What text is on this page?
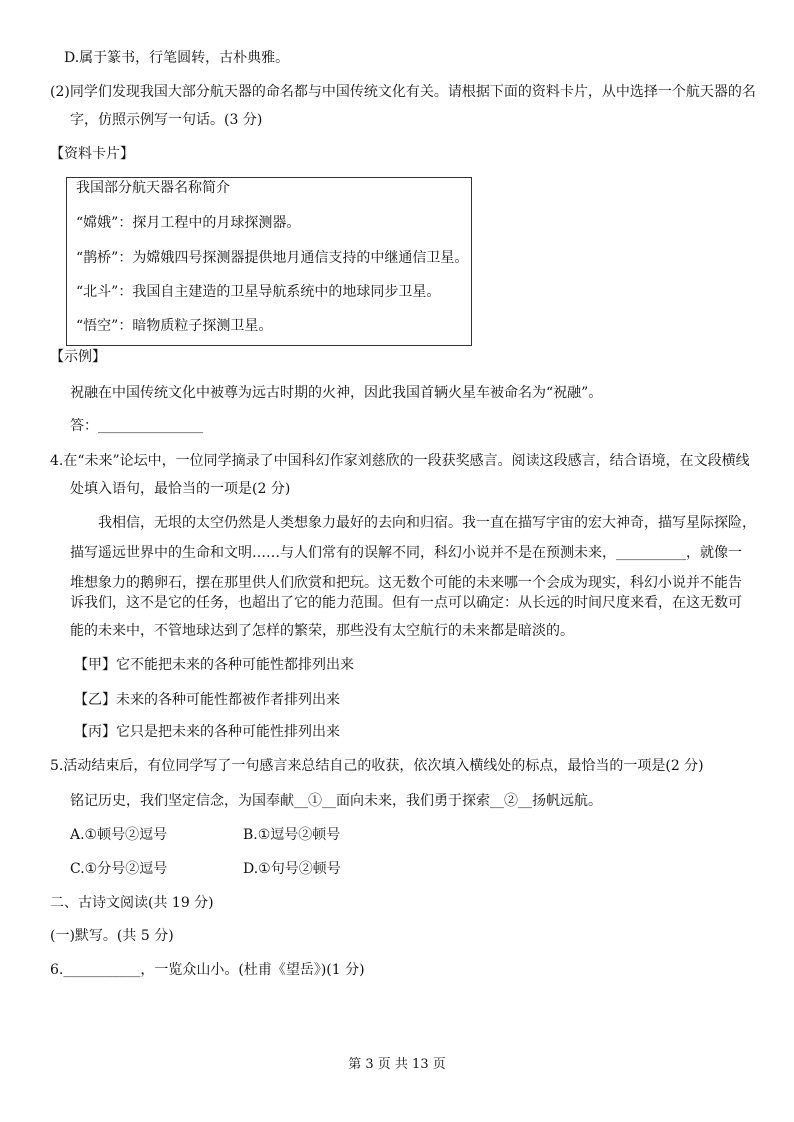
D.属于篆书，行笔圆转，古朴典雅。
(2)同学们发现我国大部分航天器的命名都与中国传统文化有关。请根据下面的资料卡片，从中选择一个航天器的名
字，仿照示例写一句话。(3 分)
【资料卡片】
我国部分航天器名称简介
“嫦娥”：探月工程中的月球探测器。
“鹊桥”：为嫦娥四号探测器提供地月通信支持的中继通信卫星。
“北斗”：我国自主建造的卫星导航系统中的地球同步卫星。
“悟空”：暗物质粒子探测卫星。
【示例】
祝融在中国传统文化中被尊为远古时期的火神，因此我国首辆火星车被命名为“祝融”。
答：_______________
4.在“未来”论坛中，一位同学摘录了中国科幻作家刘慈欣的一段获奖感言。阅读这段感言，结合语境，在文段横线
处填入语句，最恰当的一项是(2 分)
我相信，无垠的太空仍然是人类想象力最好的去向和归宿。我一直在描写宇宙的宏大神奇，描写星际探险，
描写遥远世界中的生命和文明……与人们常有的误解不同，科幻小说并不是在预测未来，__________，就像一
堆想象力的鹅卵石，摆在那里供人们欣赏和把玩。这无数个可能的未来哪一个会成为现实，科幻小说并不能告
诉我们，这不是它的任务，也超出了它的能力范围。但有一点可以确定：从长远的时间尺度来看，在这无数可
能的未来中，不管地球达到了怎样的繁荣，那些没有太空航行的未来都是暗淡的。
【甲】它不能把未来的各种可能性都排列出来
【乙】未来的各种可能性都被作者排列出来
【丙】它只是把未来的各种可能性排列出来
5.活动结束后，有位同学写了一句感言来总结自己的收获，依次填入横线处的标点，最恰当的一项是(2 分)
铭记历史，我们坚定信念，为国奉献__①__面向未来，我们勇于探索__②__扬帆远航。
A.①顿号②逗号	B.①逗号②顿号
C.①分号②逗号	D.①句号②顿号
二、古诗文阅读(共 19 分)
(一)默写。(共 5 分)
6.___________，一览众山小。(杜甫《望岳》)(1 分)
第 3 页 共 13 页
